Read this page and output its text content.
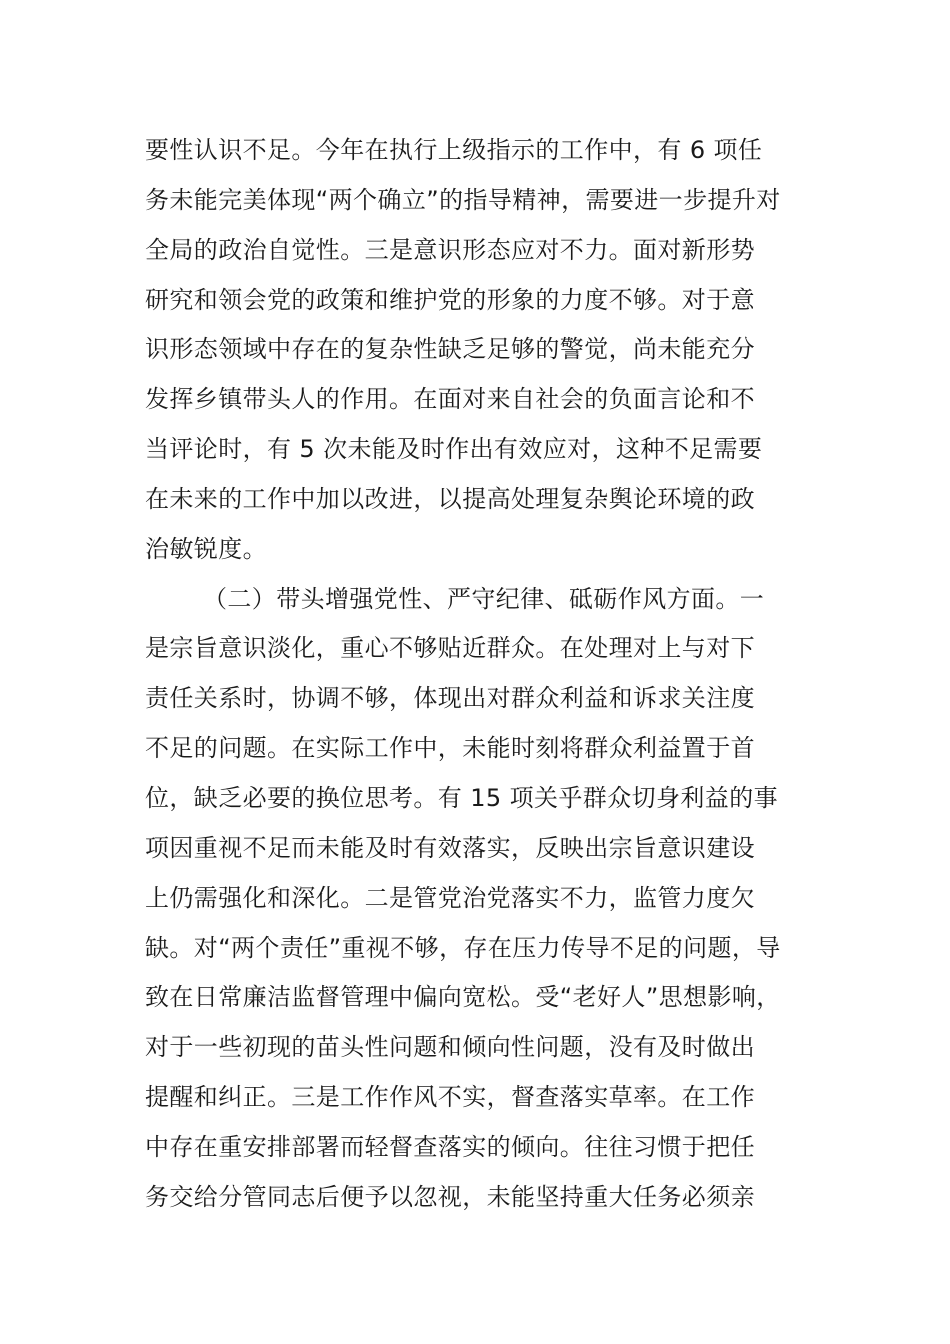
要性认识不足。今年在执行上级指示的工作中，有 6 项任
务未能完美体现“两个确立”的指导精神，需要进一步提升对
全局的政治自觉性。三是意识形态应对不力。面对新形势
研究和领会党的政策和维护党的形象的力度不够。对于意
识形态领域中存在的复杂性缺乏足够的警觉，尚未能充分
发挥乡镇带头人的作用。在面对来自社会的负面言论和不
当评论时，有 5 次未能及时作出有效应对，这种不足需要
在未来的工作中加以改进，以提高处理复杂舆论环境的政
治敏锐度。
（二）带头增强党性、严守纪律、砥砺作风方面。一
是宗旨意识淡化，重心不够贴近群众。在处理对上与对下
责任关系时，协调不够，体现出对群众利益和诉求关注度
不足的问题。在实际工作中，未能时刻将群众利益置于首
位，缺乏必要的换位思考。有 15 项关乎群众切身利益的事
项因重视不足而未能及时有效落实，反映出宗旨意识建设
上仍需强化和深化。二是管党治党落实不力，监管力度欠
缺。对“两个责任”重视不够，存在压力传导不足的问题，导
致在日常廉洁监督管理中偏向宽松。受“老好人”思想影响，
对于一些初现的苗头性问题和倾向性问题，没有及时做出
提醒和纠正。三是工作作风不实，督查落实草率。在工作
中存在重安排部署而轻督查落实的倾向。往往习惯于把任
务交给分管同志后便予以忽视，未能坚持重大任务必须亲
